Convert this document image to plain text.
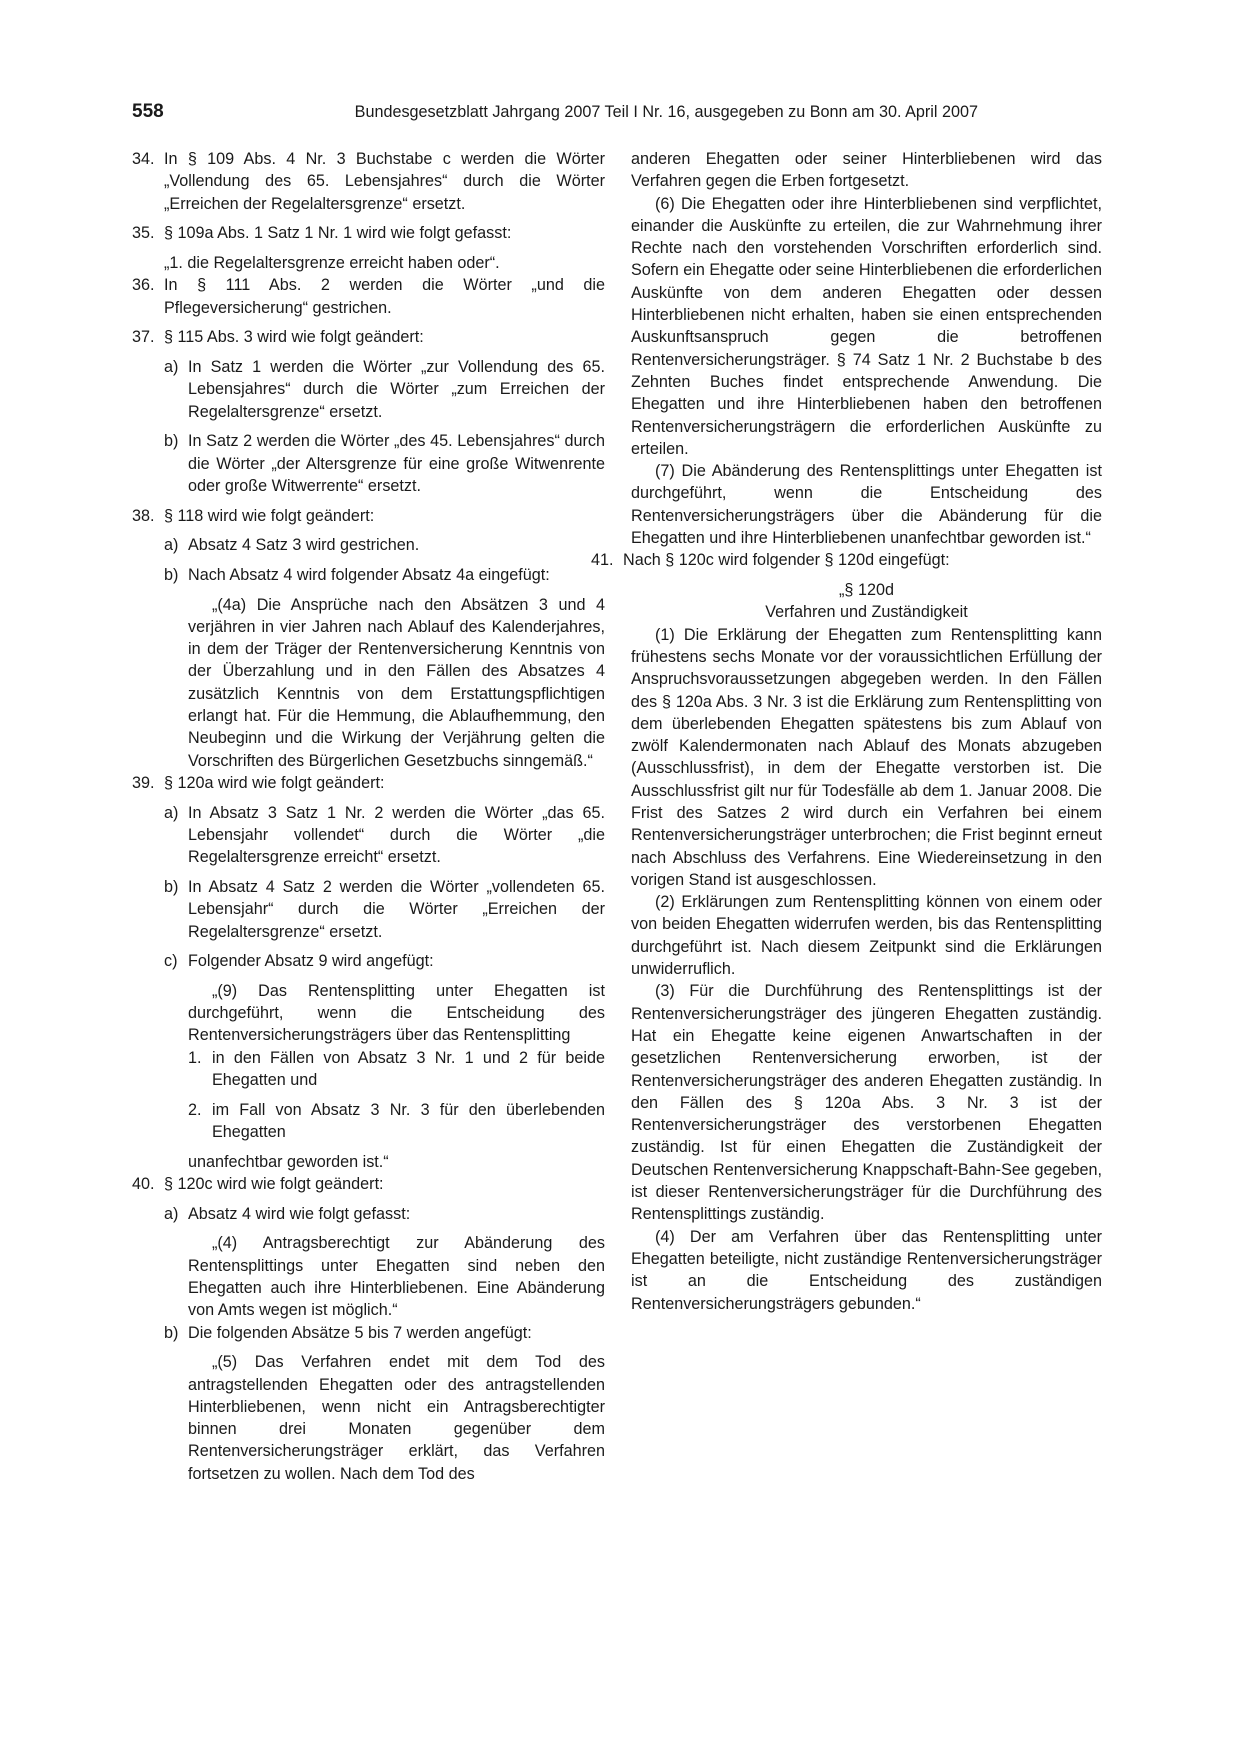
558	Bundesgesetzblatt Jahrgang 2007 Teil I Nr. 16, ausgegeben zu Bonn am 30. April 2007
34. In § 109 Abs. 4 Nr. 3 Buchstabe c werden die Wörter „Vollendung des 65. Lebensjahres“ durch die Wörter „Erreichen der Regelaltersgrenze“ ersetzt.
35. § 109a Abs. 1 Satz 1 Nr. 1 wird wie folgt gefasst:

„1. die Regelaltersgrenze erreicht haben oder“.

36. In § 111 Abs. 2 werden die Wörter „und die Pflegeversicherung“ gestrichen.
37. § 115 Abs. 3 wird wie folgt geändert:
a) In Satz 1 werden die Wörter „zur Vollendung des 65. Lebensjahres“ durch die Wörter „zum Erreichen der Regelaltersgrenze“ ersetzt.
b) In Satz 2 werden die Wörter „des 45. Lebensjahres“ durch die Wörter „der Altersgrenze für eine große Witwenrente oder große Witwerrente“ ersetzt.
38. § 118 wird wie folgt geändert:
a) Absatz 4 Satz 3 wird gestrichen.
b) Nach Absatz 4 wird folgender Absatz 4a eingefügt:

„(4a) Die Ansprüche nach den Absätzen 3 und 4 verjähren in vier Jahren nach Ablauf des Kalenderjahres, in dem der Träger der Rentenversicherung Kenntnis von der Überzahlung und in den Fällen des Absatzes 4 zusätzlich Kenntnis von dem Erstattungspflichtigen erlangt hat. Für die Hemmung, die Ablaufhemmung, den Neubeginn und die Wirkung der Verjährung gelten die Vorschriften des Bürgerlichen Gesetzbuchs sinngemäß.“

39. § 120a wird wie folgt geändert:
a) In Absatz 3 Satz 1 Nr. 2 werden die Wörter „das 65. Lebensjahr vollendet“ durch die Wörter „die Regelaltersgrenze erreicht“ ersetzt.
b) In Absatz 4 Satz 2 werden die Wörter „vollendeten 65. Lebensjahr“ durch die Wörter „Erreichen der Regelaltersgrenze“ ersetzt.
c) Folgender Absatz 9 wird angefügt:

„(9) Das Rentensplitting unter Ehegatten ist durchgeführt, wenn die Entscheidung des Rentenversicherungsträgers über das Rentensplitting

1. in den Fällen von Absatz 3 Nr. 1 und 2 für beide Ehegatten und
2. im Fall von Absatz 3 Nr. 3 für den überlebenden Ehegatten

unanfechtbar geworden ist.“

40. § 120c wird wie folgt geändert:
a) Absatz 4 wird wie folgt gefasst:

„(4) Antragsberechtigt zur Abänderung des Rentensplittings unter Ehegatten sind neben den Ehegatten auch ihre Hinterbliebenen. Eine Abänderung von Amts wegen ist möglich.“

b) Die folgenden Absätze 5 bis 7 werden angefügt:

„(5) Das Verfahren endet mit dem Tod des antragstellenden Ehegatten oder des antragstellenden Hinterbliebenen, wenn nicht ein Antragsberechtigter binnen drei Monaten gegenüber dem Rentenversicherungsträger erklärt, das Verfahren fortsetzen zu wollen. Nach dem Tod des

anderen Ehegatten oder seiner Hinterbliebenen wird das Verfahren gegen die Erben fortgesetzt.

(6) Die Ehegatten oder ihre Hinterbliebenen sind verpflichtet, einander die Auskünfte zu erteilen, die zur Wahrnehmung ihrer Rechte nach den vorstehenden Vorschriften erforderlich sind. Sofern ein Ehegatte oder seine Hinterbliebenen die erforderlichen Auskünfte von dem anderen Ehegatten oder dessen Hinterbliebenen nicht erhalten, haben sie einen entsprechenden Auskunftsanspruch gegen die betroffenen Rentenversicherungsträger. § 74 Satz 1 Nr. 2 Buchstabe b des Zehnten Buches findet entsprechende Anwendung. Die Ehegatten und ihre Hinterbliebenen haben den betroffenen Rentenversicherungsträgern die erforderlichen Auskünfte zu erteilen.

(7) Die Abänderung des Rentensplittings unter Ehegatten ist durchgeführt, wenn die Entscheidung des Rentenversicherungsträgers über die Abänderung für die Ehegatten und ihre Hinterbliebenen unanfechtbar geworden ist.“

41. Nach § 120c wird folgender § 120d eingefügt:

„§ 120d

Verfahren und Zuständigkeit

(1) Die Erklärung der Ehegatten zum Rentensplitting kann frühestens sechs Monate vor der voraussichtlichen Erfüllung der Anspruchsvoraussetzungen abgegeben werden. In den Fällen des § 120a Abs. 3 Nr. 3 ist die Erklärung zum Rentensplitting von dem überlebenden Ehegatten spätestens bis zum Ablauf von zwölf Kalendermonaten nach Ablauf des Monats abzugeben (Ausschlussfrist), in dem der Ehegatte verstorben ist. Die Ausschlussfrist gilt nur für Todesfälle ab dem 1. Januar 2008. Die Frist des Satzes 2 wird durch ein Verfahren bei einem Rentenversicherungsträger unterbrochen; die Frist beginnt erneut nach Abschluss des Verfahrens. Eine Wiedereinsetzung in den vorigen Stand ist ausgeschlossen.

(2) Erklärungen zum Rentensplitting können von einem oder von beiden Ehegatten widerrufen werden, bis das Rentensplitting durchgeführt ist. Nach diesem Zeitpunkt sind die Erklärungen unwiderruflich.

(3) Für die Durchführung des Rentensplittings ist der Rentenversicherungsträger des jüngeren Ehegatten zuständig. Hat ein Ehegatte keine eigenen Anwartschaften in der gesetzlichen Rentenversicherung erworben, ist der Rentenversicherungsträger des anderen Ehegatten zuständig. In den Fällen des § 120a Abs. 3 Nr. 3 ist der Rentenversicherungsträger des verstorbenen Ehegatten zuständig. Ist für einen Ehegatten die Zuständigkeit der Deutschen Rentenversicherung Knappschaft-Bahn-See gegeben, ist dieser Rentenversicherungsträger für die Durchführung des Rentensplittings zuständig.

(4) Der am Verfahren über das Rentensplitting unter Ehegatten beteiligte, nicht zuständige Rentenversicherungsträger ist an die Entscheidung des zuständigen Rentenversicherungsträgers gebunden.“
